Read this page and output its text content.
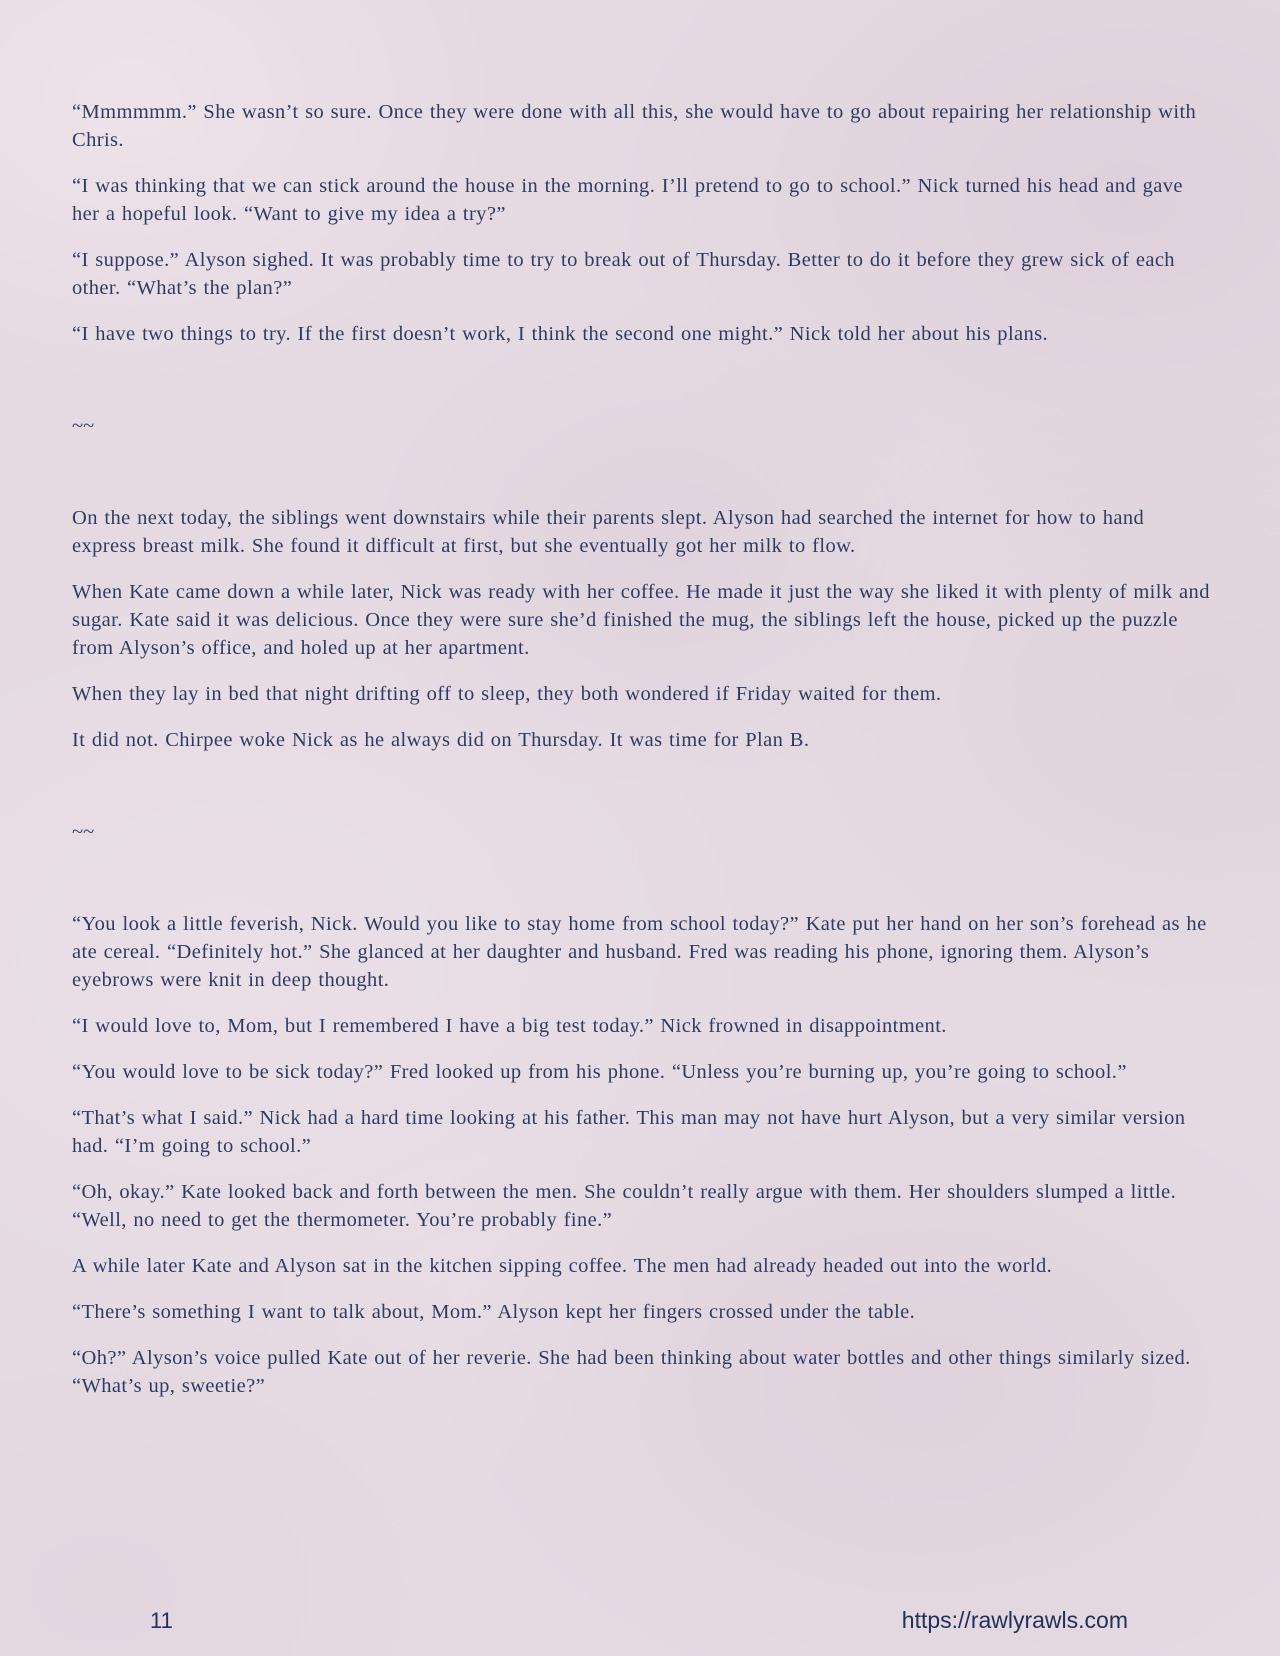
“Mmmmmm.” She wasn’t so sure. Once they were done with all this, she would have to go about repairing her relationship with Chris.

“I was thinking that we can stick around the house in the morning. I’ll pretend to go to school.” Nick turned his head and gave her a hopeful look. “Want to give my idea a try?”

“I suppose.” Alyson sighed. It was probably time to try to break out of Thursday. Better to do it before they grew sick of each other. “What’s the plan?”

“I have two things to try. If the first doesn’t work, I think the second one might.” Nick told her about his plans.

~~

On the next today, the siblings went downstairs while their parents slept. Alyson had searched the internet for how to hand express breast milk. She found it difficult at first, but she eventually got her milk to flow.

When Kate came down a while later, Nick was ready with her coffee. He made it just the way she liked it with plenty of milk and sugar. Kate said it was delicious. Once they were sure she’d finished the mug, the siblings left the house, picked up the puzzle from Alyson’s office, and holed up at her apartment.

When they lay in bed that night drifting off to sleep, they both wondered if Friday waited for them.

It did not. Chirpee woke Nick as he always did on Thursday. It was time for Plan B.

~~

“You look a little feverish, Nick. Would you like to stay home from school today?” Kate put her hand on her son’s forehead as he ate cereal. “Definitely hot.” She glanced at her daughter and husband. Fred was reading his phone, ignoring them. Alyson’s eyebrows were knit in deep thought.

“I would love to, Mom, but I remembered I have a big test today.” Nick frowned in disappointment.

“You would love to be sick today?” Fred looked up from his phone. “Unless you’re burning up, you’re going to school.”

“That’s what I said.” Nick had a hard time looking at his father. This man may not have hurt Alyson, but a very similar version had. “I’m going to school.”

“Oh, okay.” Kate looked back and forth between the men. She couldn’t really argue with them. Her shoulders slumped a little. “Well, no need to get the thermometer. You’re probably fine.”

A while later Kate and Alyson sat in the kitchen sipping coffee. The men had already headed out into the world.

“There’s something I want to talk about, Mom.” Alyson kept her fingers crossed under the table.

“Oh?” Alyson’s voice pulled Kate out of her reverie. She had been thinking about water bottles and other things similarly sized. “What’s up, sweetie?”

11	https://rawlyrawls.com
